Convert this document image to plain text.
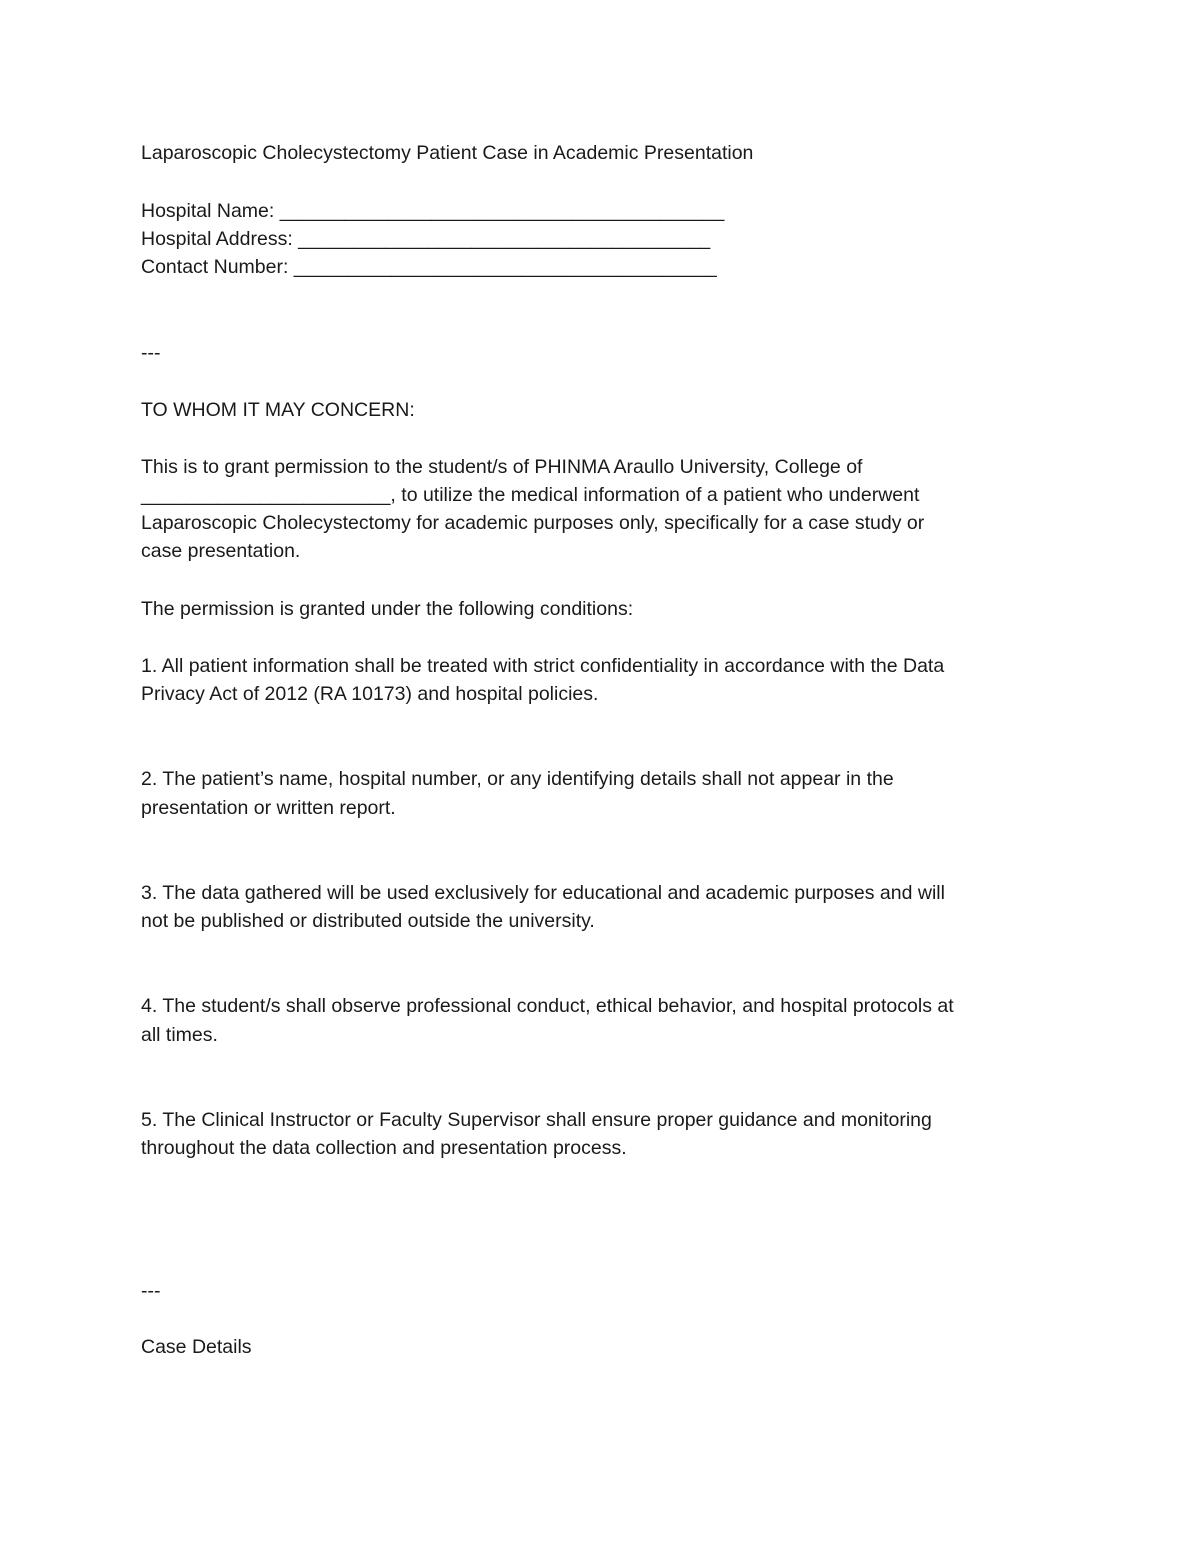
Laparoscopic Cholecystectomy Patient Case in Academic Presentation
Hospital Name: _________________________________________
Hospital Address: ______________________________________
Contact Number: _______________________________________
---
TO WHOM IT MAY CONCERN:
This is to grant permission to the student/s of PHINMA Araullo University, College of
_______________________, to utilize the medical information of a patient who underwent
Laparoscopic Cholecystectomy for academic purposes only, specifically for a case study or
case presentation.
The permission is granted under the following conditions:
1. All patient information shall be treated with strict confidentiality in accordance with the Data
Privacy Act of 2012 (RA 10173) and hospital policies.
2. The patient’s name, hospital number, or any identifying details shall not appear in the
presentation or written report.
3. The data gathered will be used exclusively for educational and academic purposes and will
not be published or distributed outside the university.
4. The student/s shall observe professional conduct, ethical behavior, and hospital protocols at
all times.
5. The Clinical Instructor or Faculty Supervisor shall ensure proper guidance and monitoring
throughout the data collection and presentation process.
---
Case Details
